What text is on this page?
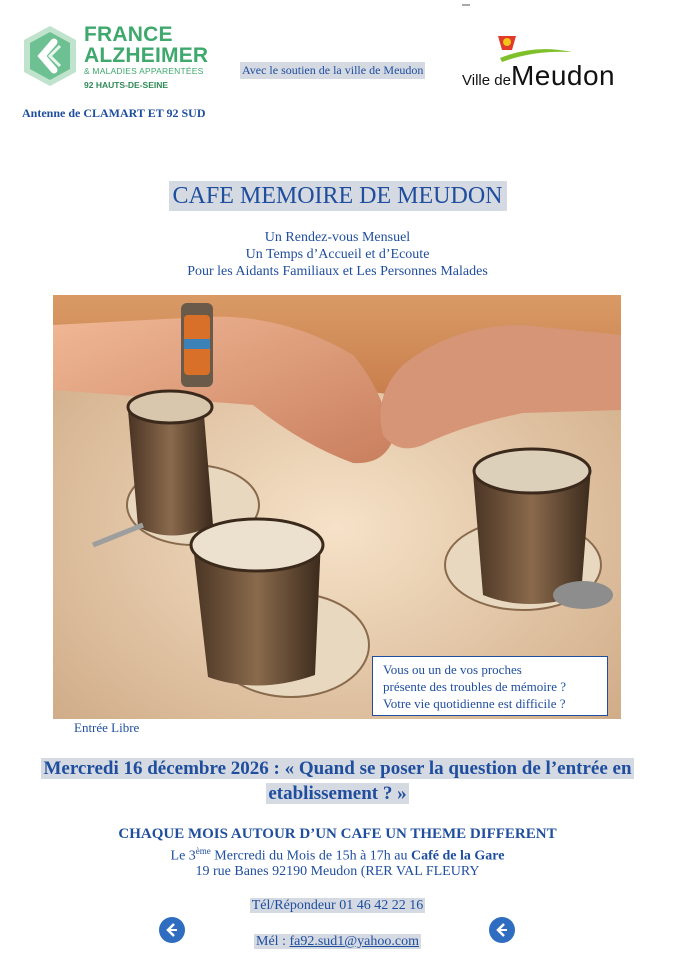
FRANCE
ALZHEIMER
& MALADIES APPARENTÉES
92 HAUTS-DE-SEINE
Avec le soutien de la ville de Meudon
Antenne de CLAMART ET 92 SUD
Ville deMeudon
CAFE MEMOIRE DE MEUDON
Un Rendez-vous Mensuel
Un Temps d’Accueil et d’Ecoute
Pour les Aidants Familiaux et Les Personnes Malades
Vous ou un de vos proches
présente des troubles de mémoire ?
Votre vie quotidienne est difficile ?
Entrée Libre
Mercredi 16 décembre 2026 : « Quand se poser la question de l’entrée en
etablissement ? »
CHAQUE MOIS AUTOUR D’UN CAFE UN THEME DIFFERENT
Le 3ème Mercredi du Mois de 15h à 17h au Café de la Gare
19 rue Banes 92190 Meudon (RER VAL FLEURY
Tél/Répondeur 01 46 42 22 16
Mél : fa92.sud1@yahoo.com
